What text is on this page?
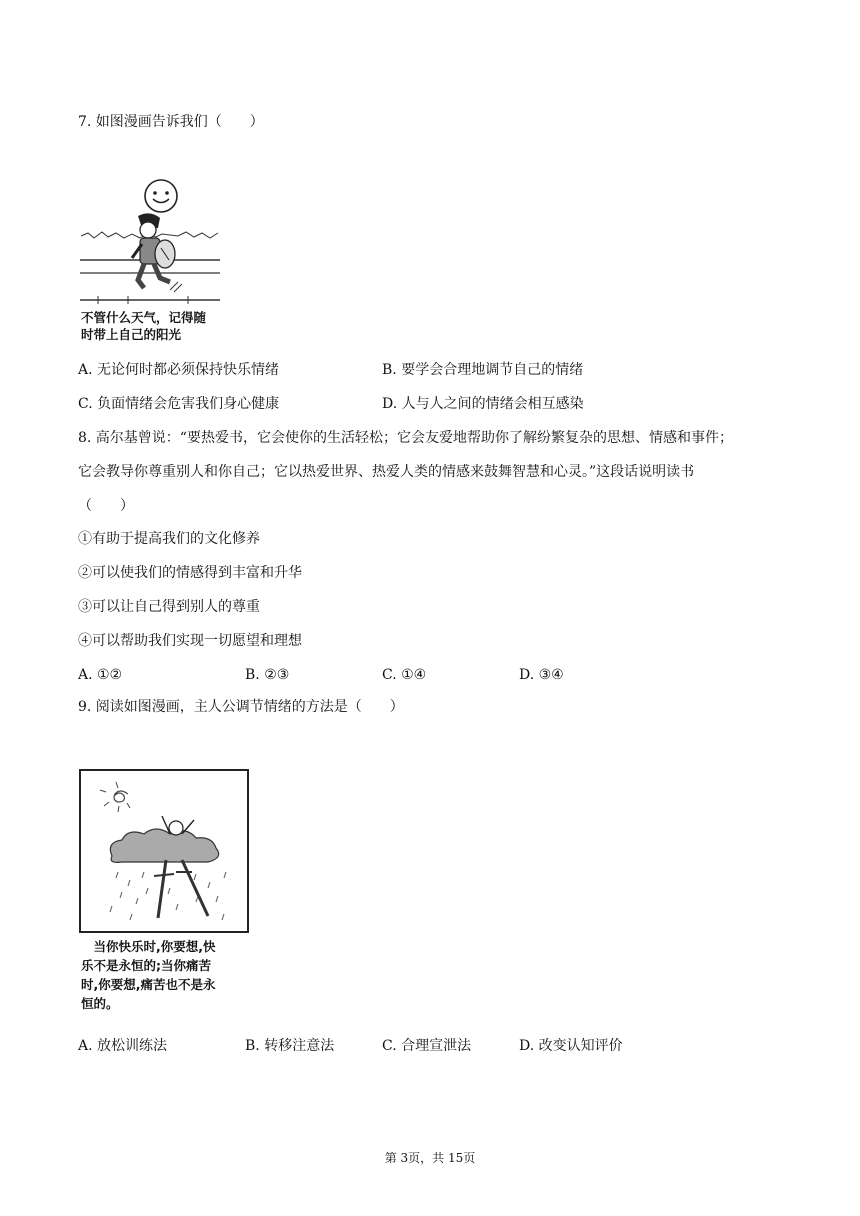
7. 如图漫画告诉我们（　　）
不管什么天气，记得随
时带上自己的阳光
A. 无论何时都必须保持快乐情绪	B. 要学会合理地调节自己的情绪
C. 负面情绪会危害我们身心健康	D. 人与人之间的情绪会相互感染
8. 高尔基曾说：“要热爱书，它会使你的生活轻松；它会友爱地帮助你了解纷繁复杂的思想、情感和事件；
它会教导你尊重别人和你自己；它以热爱世界、热爱人类的情感来鼓舞智慧和心灵。”这段话说明读书
（　　）
①有助于提高我们的文化修养
②可以使我们的情感得到丰富和升华
③可以让自己得到别人的尊重
④可以帮助我们实现一切愿望和理想
A. ①②	B. ②③	C. ①④	D. ③④
9. 阅读如图漫画，主人公调节情绪的方法是（　　）
　当你快乐时,你要想,快
乐不是永恒的;当你痛苦
时,你要想,痛苦也不是永
恒的。
A. 放松训练法	B. 转移注意法	C. 合理宣泄法	D. 改变认知评价
第 3页，共 15页
